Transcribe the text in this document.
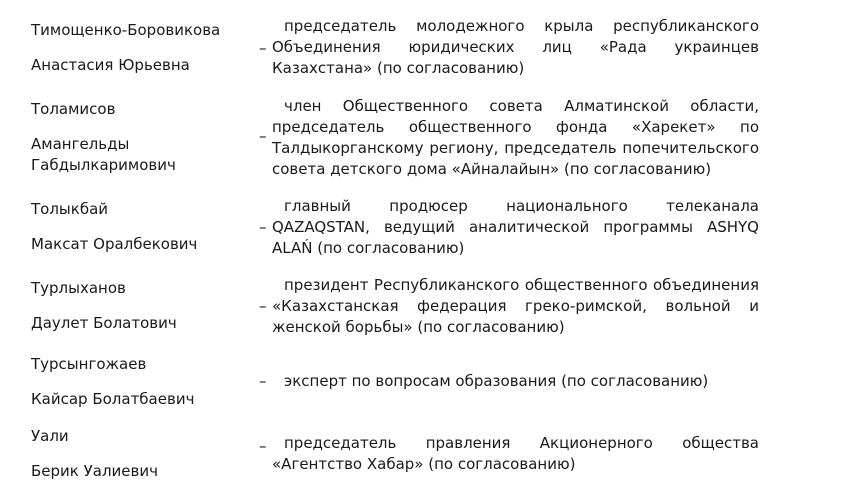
Тимощенко-Боровикова
Анастасия Юрьевна
–
председатель молодежного крыла республиканского Объединения юридических лиц «Рада украинцев Казахстана» (по согласованию)
Толамисов
Амангельды
Габдылкаримович
–
член Общественного совета Алматинской области, председатель общественного фонда «Харекет» по Талдыкорганскому региону, председатель попечительского совета детского дома «Айналайын» (по согласованию)
Толыкбай
Максат Оралбекович
–
главный продюсер национального телеканала QAZAQSTAN, ведущий аналитической программы ASHYQ ALAŃ (по согласованию)
Турлыханов
Даулет Болатович
–
президент Республиканского общественного объединения «Казахстанская федерация греко-римской, вольной и женской борьбы» (по согласованию)
Турсынгожаев
Кайсар Болатбаевич
–	эксперт по вопросам образования (по согласованию)
Уали
Берик Уалиевич
–	председатель правления Акционерного общества «Агентство Хабар» (по согласованию)
